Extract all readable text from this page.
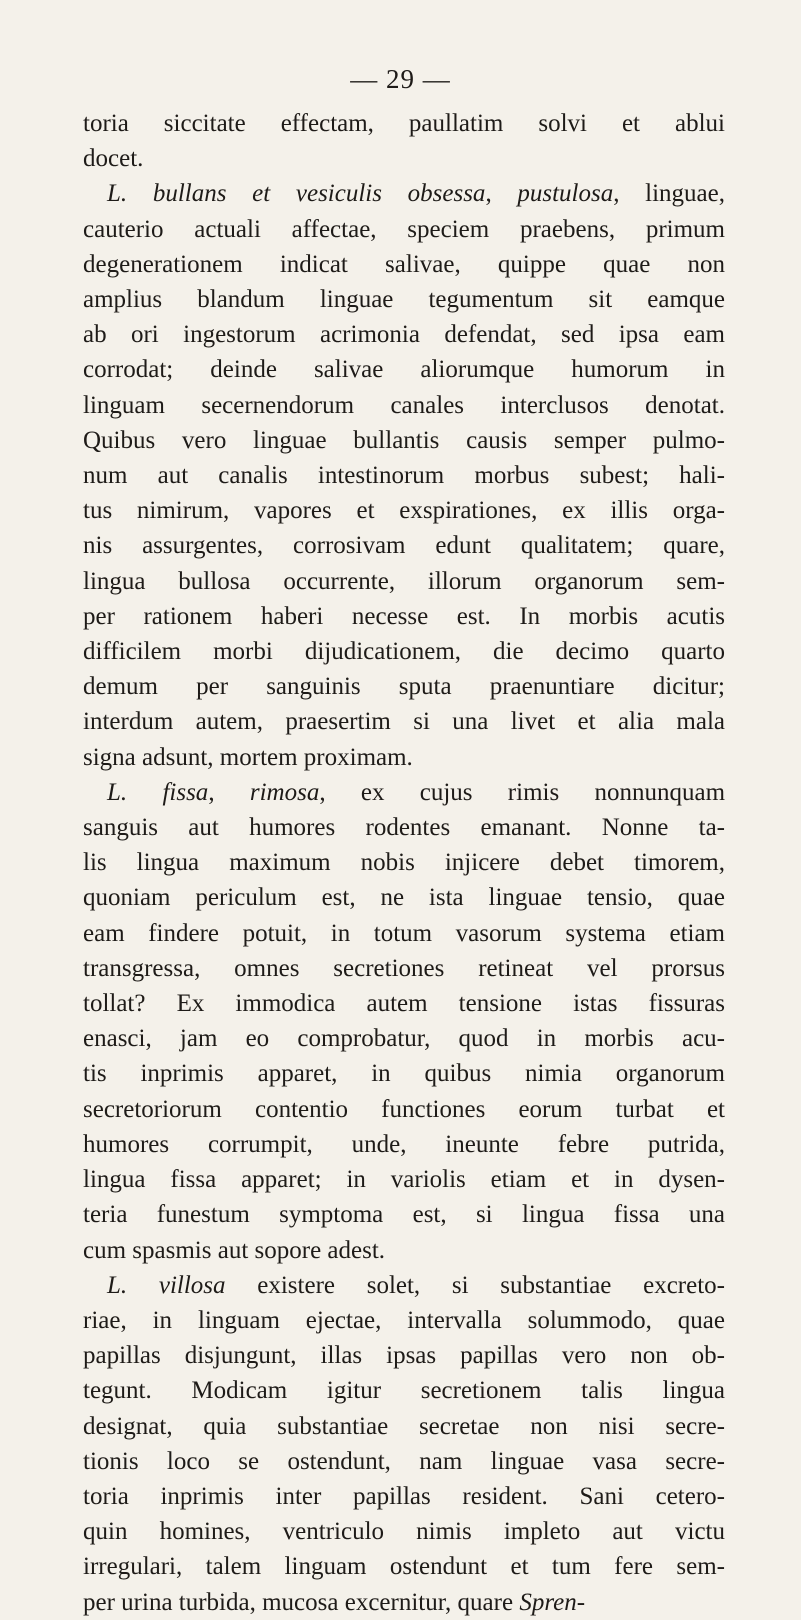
— 29 —
toria siccitate effectam, paullatim solvi et ablui
docet.
L. bullans et vesiculis obsessa, pustulosa, linguae,
cauterio actuali affectae, speciem praebens, primum
degenerationem indicat salivae, quippe quae non
amplius blandum linguae tegumentum sit eamque
ab ori ingestorum acrimonia defendat, sed ipsa eam
corrodat; deinde salivae aliorumque humorum in
linguam secernendorum canales interclusos denotat.
Quibus vero linguae bullantis causis semper pulmo-
num aut canalis intestinorum morbus subest; hali-
tus nimirum, vapores et exspirationes, ex illis orga-
nis assurgentes, corrosivam edunt qualitatem; quare,
lingua bullosa occurrente, illorum organorum sem-
per rationem haberi necesse est. In morbis acutis
difficilem morbi dijudicationem, die decimo quarto
demum per sanguinis sputa praenuntiare dicitur;
interdum autem, praesertim si una livet et alia mala
signa adsunt, mortem proximam.
L. fissa, rimosa, ex cujus rimis nonnunquam
sanguis aut humores rodentes emanant. Nonne ta-
lis lingua maximum nobis injicere debet timorem,
quoniam periculum est, ne ista linguae tensio, quae
eam findere potuit, in totum vasorum systema etiam
transgressa, omnes secretiones retineat vel prorsus
tollat? Ex immodica autem tensione istas fissuras
enasci, jam eo comprobatur, quod in morbis acu-
tis inprimis apparet, in quibus nimia organorum
secretoriorum contentio functiones eorum turbat et
humores corrumpit, unde, ineunte febre putrida,
lingua fissa apparet; in variolis etiam et in dysen-
teria funestum symptoma est, si lingua fissa una
cum spasmis aut sopore adest.
L. villosa existere solet, si substantiae excreto-
riae, in linguam ejectae, intervalla solummodo, quae
papillas disjungunt, illas ipsas papillas vero non ob-
tegunt. Modicam igitur secretionem talis lingua
designat, quia substantiae secretae non nisi secre-
tionis loco se ostendunt, nam linguae vasa secre-
toria inprimis inter papillas resident. Sani cetero-
quin homines, ventriculo nimis impleto aut victu
irregulari, talem linguam ostendunt et tum fere sem-
per urina turbida, mucosa excernitur, quare Spren-
